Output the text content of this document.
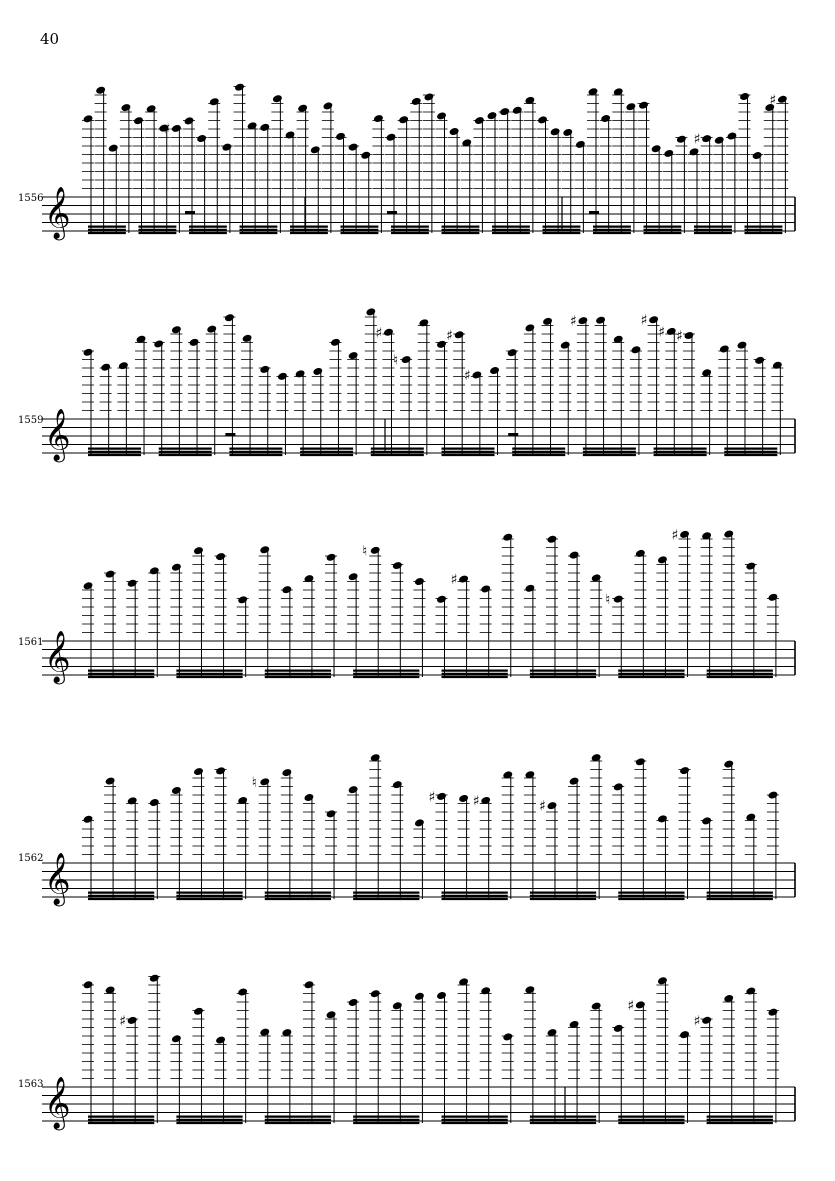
40
1556
1559
1561
1562
1563
𝄞
♯
♯
♯
𝄞
♯
♮
♯
♯
♯	♯
♯ ♯
𝄞
♮
♯
♮
♯
𝄞
♮
♯	♯	♯
𝄞
♯
♯
♯
